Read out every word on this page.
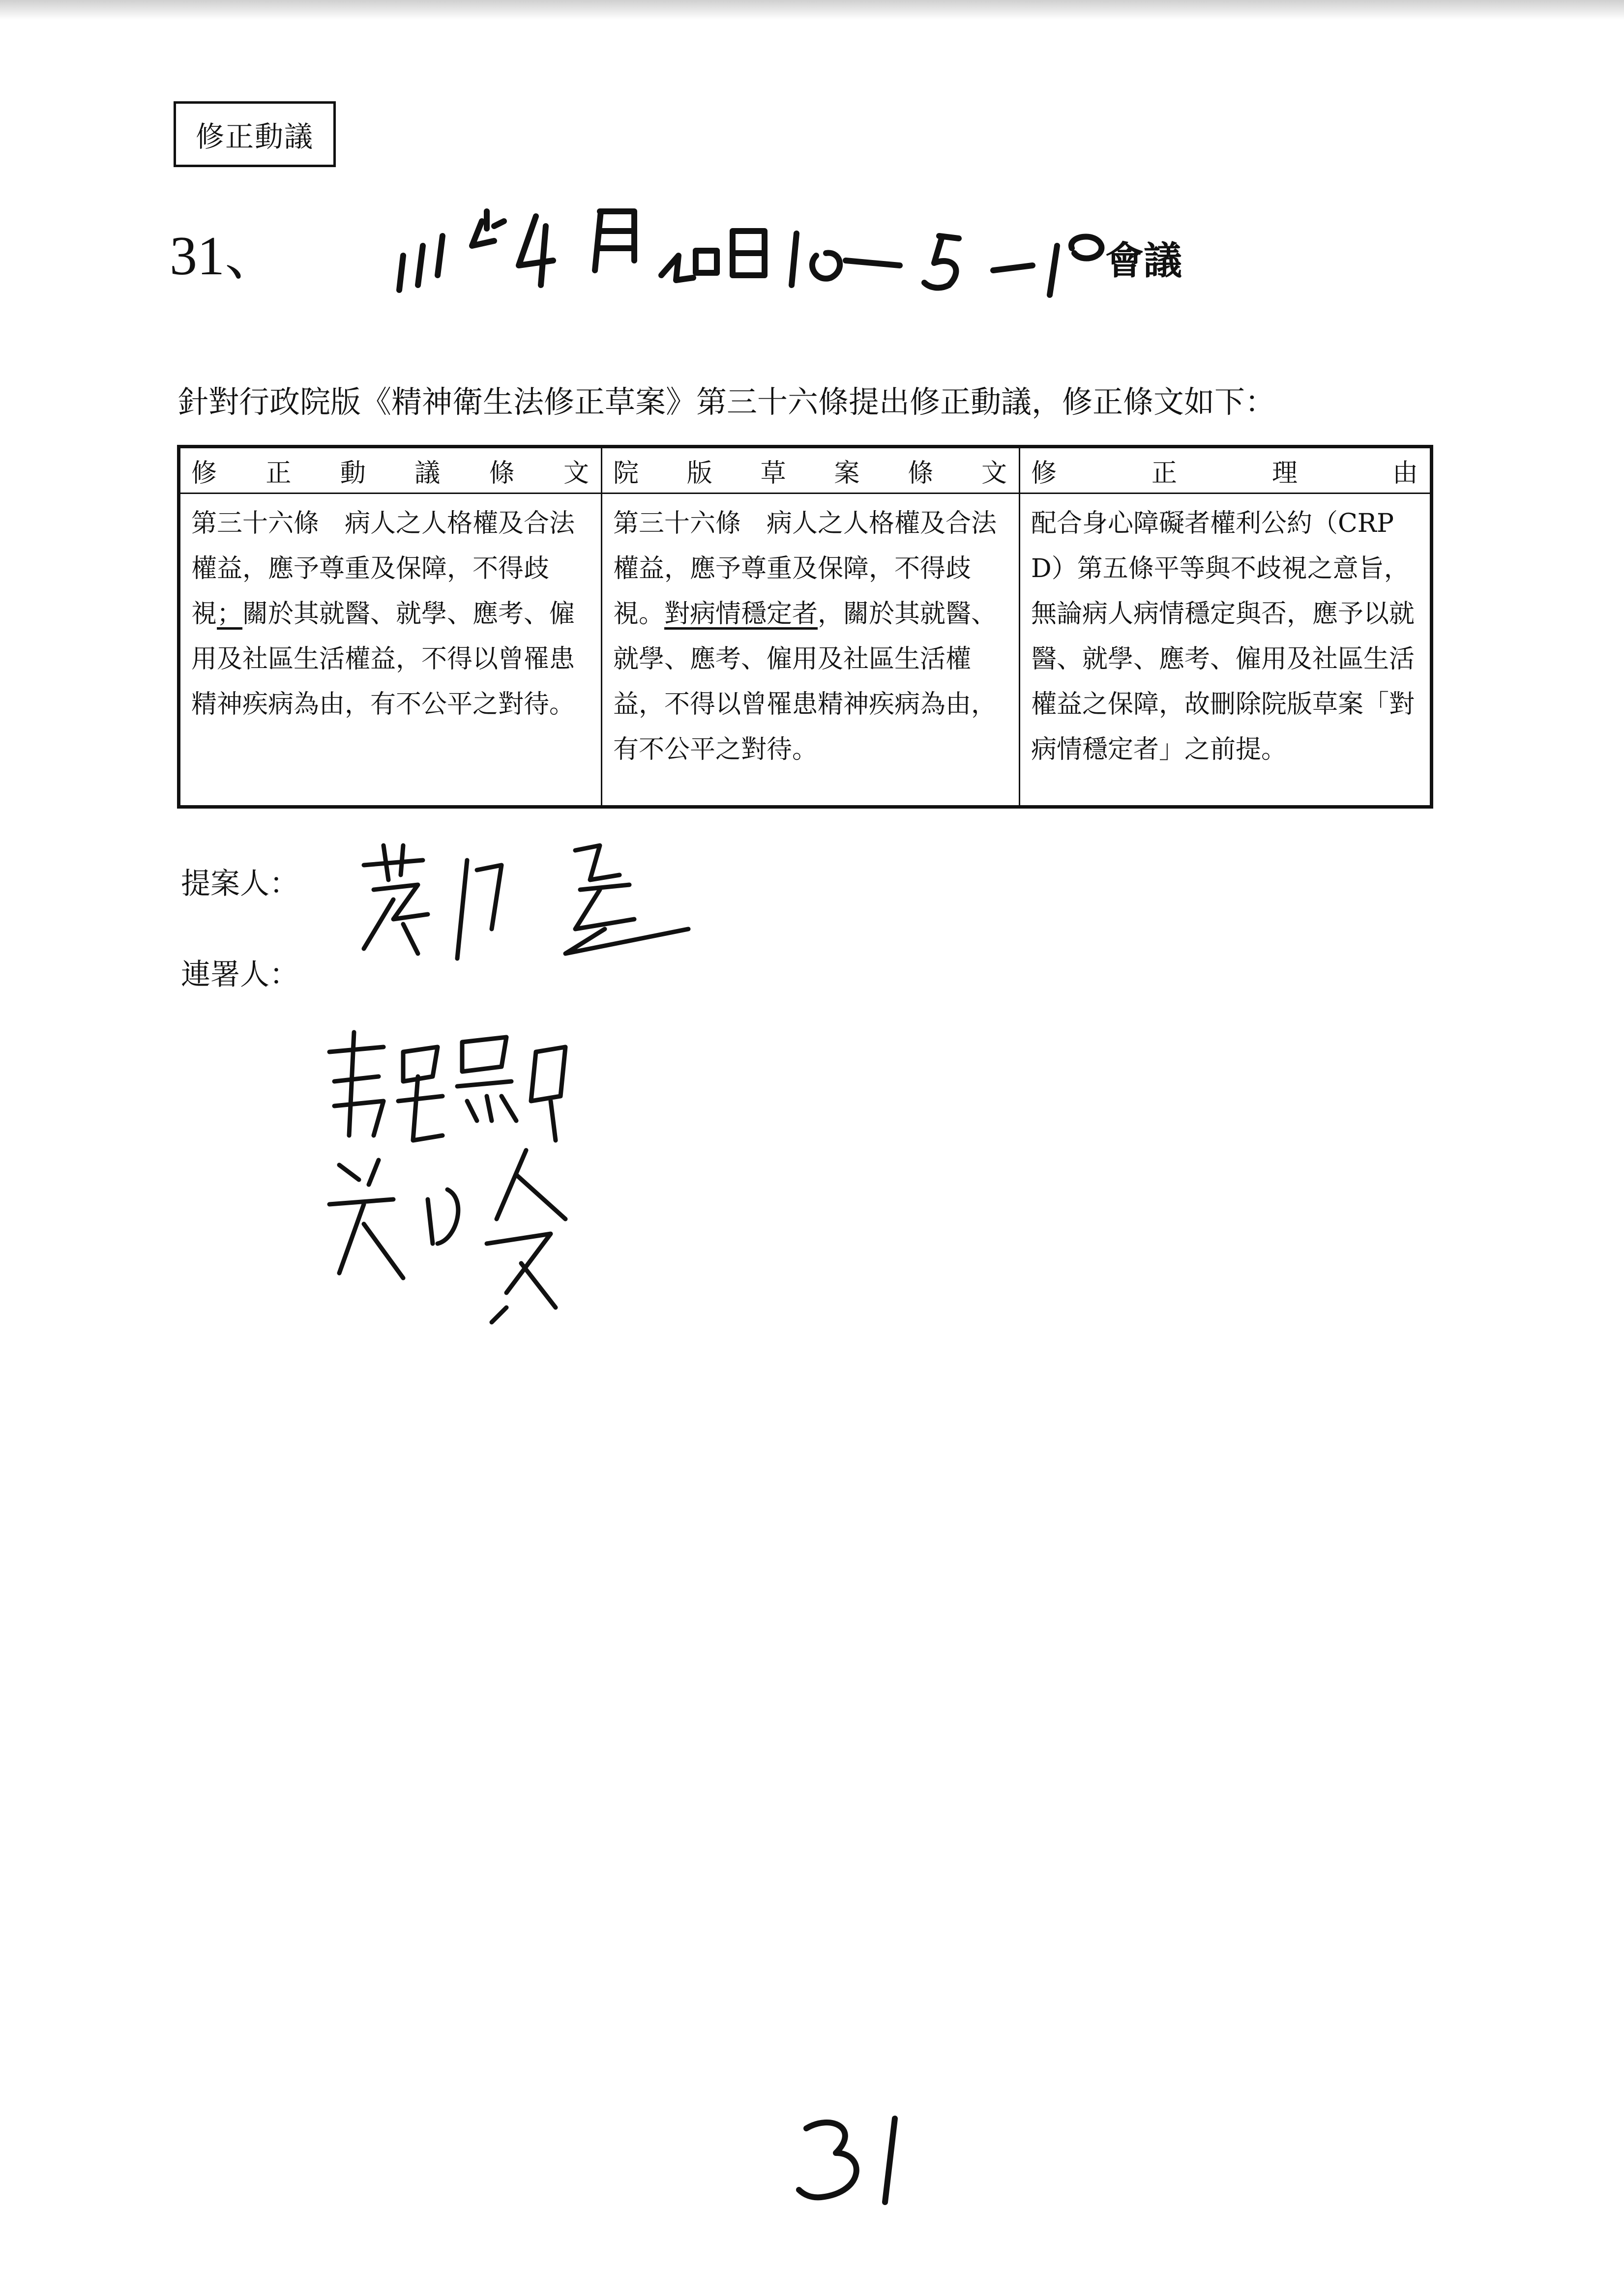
修正動議
31、	會議
針對行政院版《精神衛生法修正草案》第三十六條提出修正動議，修正條文如下：
修正動議條文	院版草案條文	修正理由
第三十六條　病人之人格權及合法權益，應予尊重及保障，不得歧視；關於其就醫、就學、應考、僱用及社區生活權益，不得以曾罹患精神疾病為由，有不公平之對待。	第三十六條　病人之人格權及合法權益，應予尊重及保障，不得歧視。對病情穩定者，關於其就醫、就學、應考、僱用及社區生活權益，不得以曾罹患精神疾病為由，有不公平之對待。	配合身心障礙者權利公約（CRPD）第五條平等與不歧視之意旨，無論病人病情穩定與否，應予以就醫、就學、應考、僱用及社區生活權益之保障，故刪除院版草案「對病情穩定者」之前提。
提案人：
連署人：
